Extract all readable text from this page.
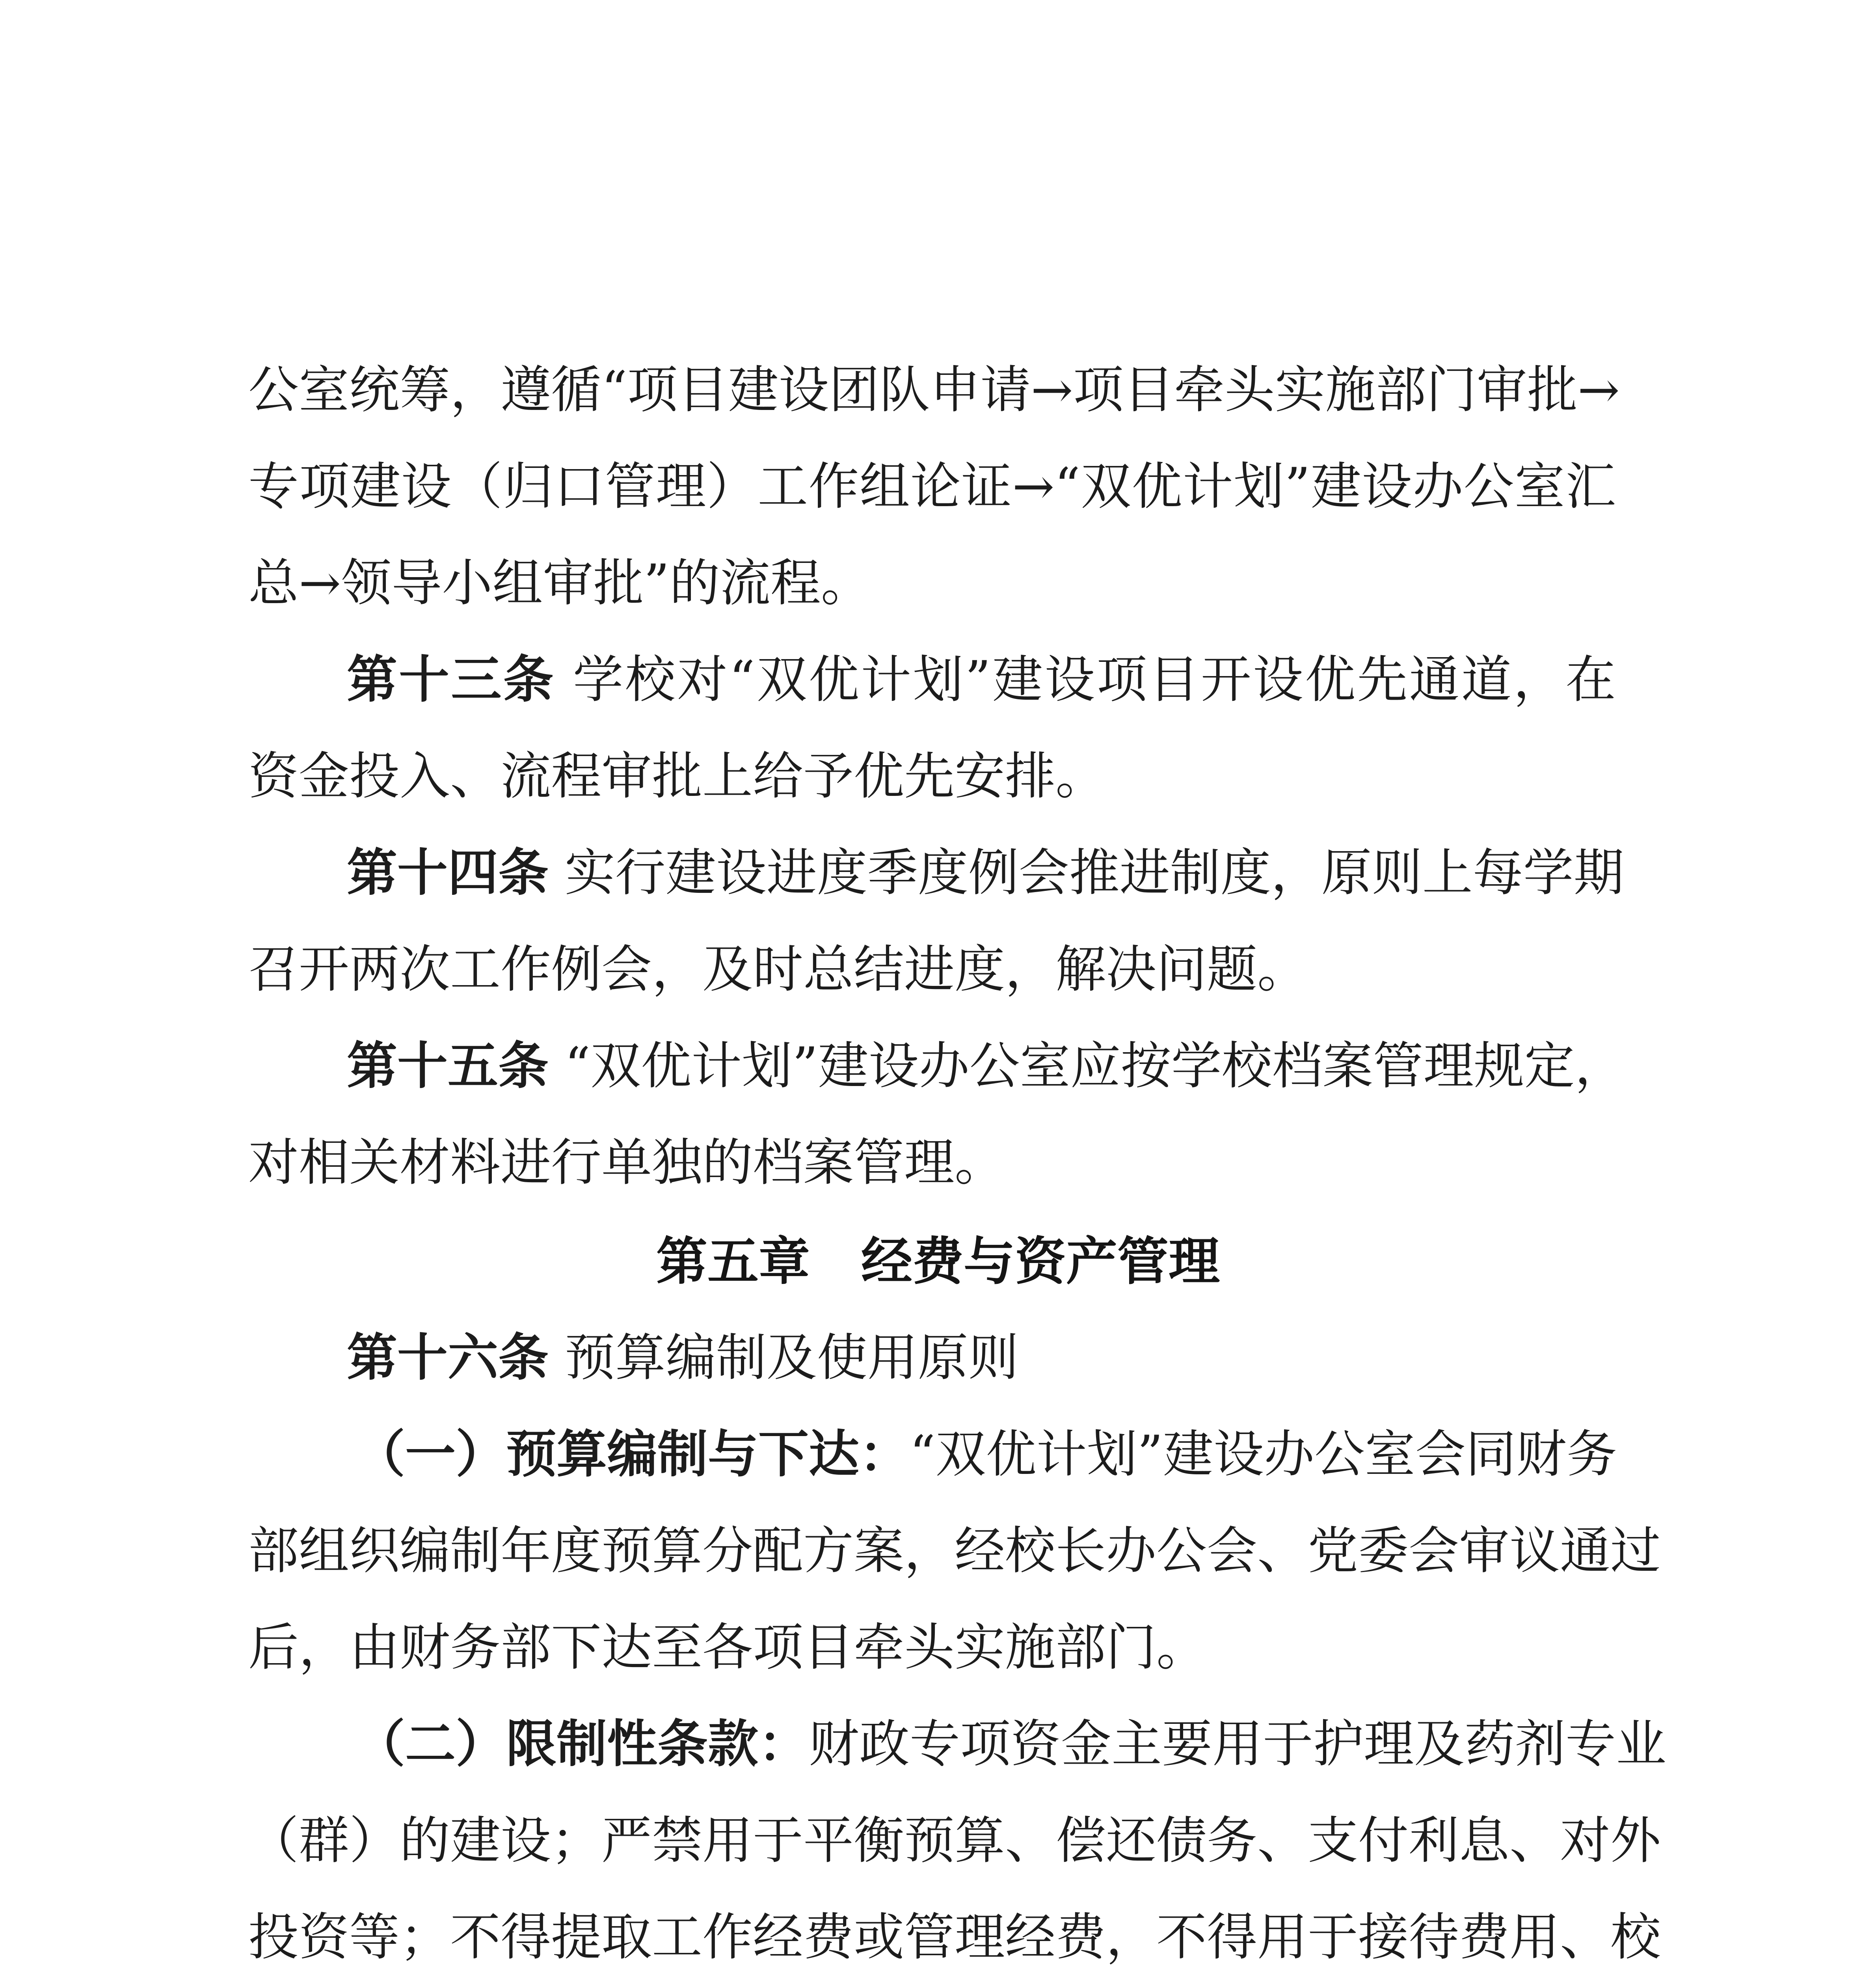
公室统筹，遵循“项目建设团队申请→项目牵头实施部门审批→
专项建设（归口管理）工作组论证→“双优计划”建设办公室汇
总→领导小组审批”的流程。
第十三条 学校对“双优计划”建设项目开设优先通道，在
资金投入、流程审批上给予优先安排。
第十四条 实行建设进度季度例会推进制度，原则上每学期
召开两次工作例会，及时总结进度，解决问题。
第十五条 “双优计划”建设办公室应按学校档案管理规定，
对相关材料进行单独的档案管理。
第五章 经费与资产管理
第十六条 预算编制及使用原则
（一）预算编制与下达：“双优计划”建设办公室会同财务
部组织编制年度预算分配方案，经校长办公会、党委会审议通过
后，由财务部下达至各项目牵头实施部门。
（二）限制性条款：财政专项资金主要用于护理及药剂专业
（群）的建设；严禁用于平衡预算、偿还债务、支付利息、对外
投资等；不得提取工作经费或管理经费，不得用于接待费用、校
